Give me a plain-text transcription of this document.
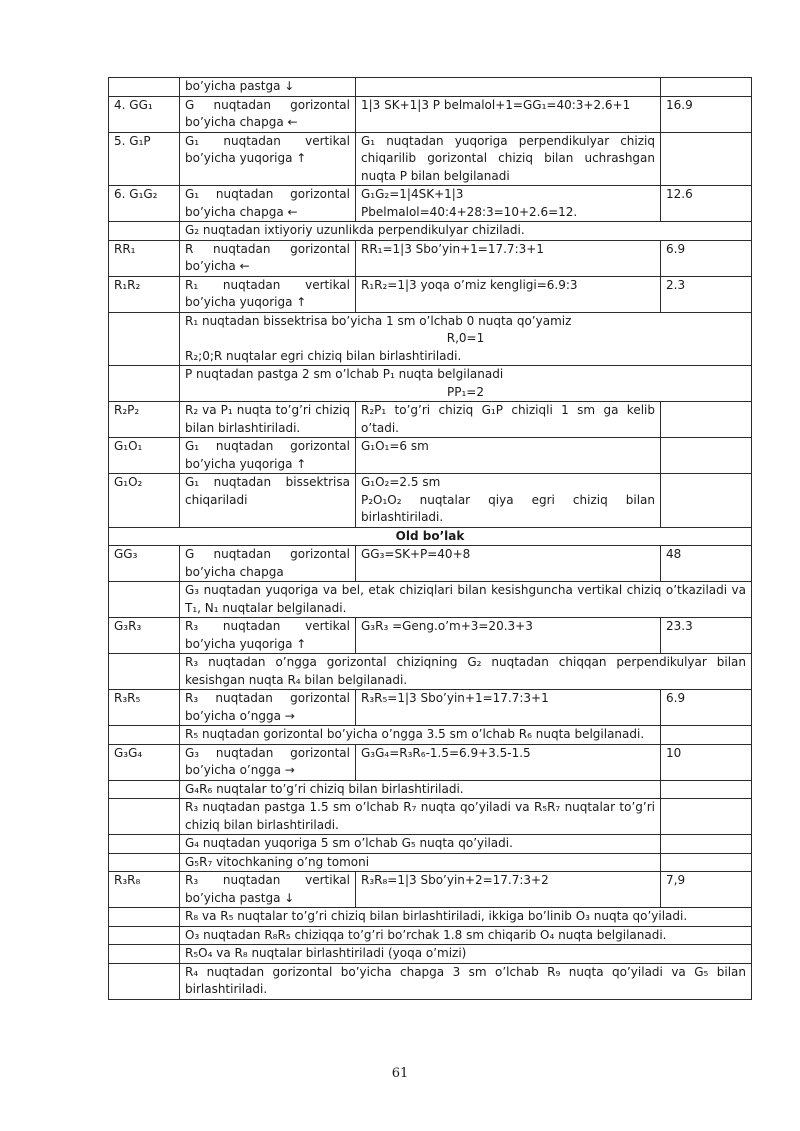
	bo’yicha pastga ↓	

4. GG₁	G nuqtadan gorizontal bo’yicha chapga ←	1|3 SK+1|3 P belmalol+1=GG₁=40:3+2.6+1	16.9
5. G₁P	G₁ nuqtadan vertikal bo’yicha yuqoriga ↑	G₁ nuqtadan yuqoriga perpendikulyar chiziq chiqarilib gorizontal chiziq bilan uchrashgan nuqta P bilan belgilanadi	

6. G₁G₂	G₁ nuqtadan gorizontal bo’yicha chapga ←	G₁G₂=1|4SK+1|3 Pbelmalol=40:4+28:3=10+2.6=12.	12.6
	G₂ nuqtadan ixtiyoriy uzunlikda perpendikulyar chiziladi.		
RR₁	R nuqtadan gorizontal bo’yicha ←	RR₁=1|3 Sbo’yin+1=17.7:3+1	6.9
R₁R₂	R₁ nuqtadan vertikal bo’yicha yuqoriga ↑	R₁R₂=1|3 yoqa o’miz kengligi=6.9:3	2.3

	R₁ nuqtadan bissektrisa bo’yicha 1 sm o’lchab 0 nuqta qo’yamiz
R,0=1
R₂;0;R nuqtalar egri chiziq bilan birlashtiriladi.		

	P nuqtadan pastga 2 sm o’lchab P₁ nuqta belgilanadi
PP₁=2		

R₂P₂	R₂ va P₁ nuqta to’g’ri chiziq bilan birlashtiriladi.	R₂P₁ to’g’ri chiziq G₁P chiziqli 1 sm ga kelib o’tadi.	

G₁O₁	G₁ nuqtadan gorizontal bo’yicha yuqoriga ↑	G₁O₁=6 sm	

G₁O₂	G₁ nuqtadan bissektrisa chiqariladi	G₁O₂=2.5 sm
P₂O₁O₂ nuqtalar qiya egri chiziq bilan birlashtiriladi.	

Old bo’lak			
GG₃	G nuqtadan gorizontal bo’yicha chapga	GG₃=SK+P=40+8	48
	G₃ nuqtadan yuqoriga va bel, etak chiziqlari bilan kesishguncha vertikal chiziq o’tkaziladi va T₁, N₁ nuqtalar belgilanadi.		
G₃R₃	R₃ nuqtadan vertikal bo’yicha yuqoriga ↑	G₃R₃ =Geng.o’m+3=20.3+3	23.3
	R₃ nuqtadan o’ngga gorizontal chiziqning G₂ nuqtadan chiqqan perpendikulyar bilan kesishgan nuqta R₄ bilan belgilanadi.		
R₃R₅	R₃ nuqtadan gorizontal bo’yicha o’ngga →	R₃R₅=1|3 Sbo’yin+1=17.7:3+1	6.9
	R₅ nuqtadan gorizontal bo’yicha o’ngga 3.5 sm o’lchab R₆ nuqta belgilanadi.		
G₃G₄	G₃ nuqtadan gorizontal bo’yicha o’ngga →	G₃G₄=R₃R₆-1.5=6.9+3.5-1.5	10
	G₄R₆ nuqtalar to’g’ri chiziq bilan birlashtiriladi.		
	R₃ nuqtadan pastga 1.5 sm o’lchab R₇ nuqta qo’yiladi va R₅R₇ nuqtalar to’g’ri chiziq bilan birlashtiriladi.		
	G₄ nuqtadan yuqoriga 5 sm o’lchab G₅ nuqta qo’yiladi.		
	G₅R₇ vitochkaning o’ng tomoni		
R₃R₈	R₃ nuqtadan vertikal bo’yicha pastga ↓	R₃R₈=1|3 Sbo’yin+2=17.7:3+2	7,9
	R₈ va R₅ nuqtalar to’g’ri chiziq bilan birlashtiriladi, ikkiga bo’linib O₃ nuqta qo’yiladi.		
	O₃ nuqtadan R₈R₅ chiziqqa to’g’ri bo’rchak 1.8 sm chiqarib O₄ nuqta belgilanadi.		
	R₅O₄ va R₈ nuqtalar birlashtiriladi (yoqa o’mizi)		
	R₄ nuqtadan gorizontal bo’yicha chapga 3 sm o’lchab R₉ nuqta qo’yiladi va G₅ bilan birlashtiriladi.		
61
